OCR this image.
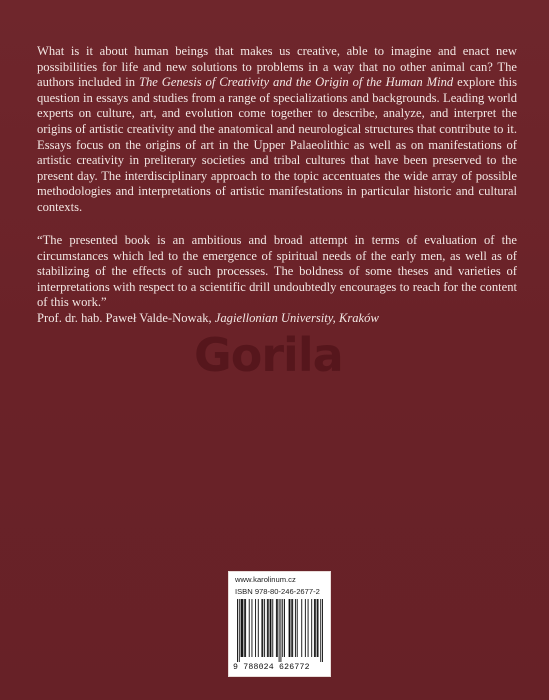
What is it about human beings that makes us creative, able to imagine and enact new possibilities for life and new solutions to problems in a way that no other animal can? The authors included in The Genesis of Creativity and the Origin of the Human Mind explore this question in essays and studies from a range of specializations and backgrounds. Leading world experts on culture, art, and evolution come together to describe, analyze, and interpret the origins of artistic creativity and the anatomical and neurological structures that contribute to it. Essays focus on the origins of art in the Upper Palaeolithic as well as on manifestations of artistic creativity in preliterary societies and tribal cultures that have been preserved to the present day. The interdisciplinary approach to the topic accentuates the wide array of possible methodologies and interpretations of artistic manifestations in particular historic and cultural contexts.

“The presented book is an ambitious and broad attempt in terms of evaluation of the circumstances which led to the emergence of spiritual needs of the early men, as well as of stabilizing of the effects of such processes. The boldness of some theses and varieties of interpretations with respect to a scientific drill undoubtedly encourages to reach for the content of this work.”

Prof. dr. hab. Paweł Valde-Nowak, Jagiellonian University, Kraków

Gorila

www.karolinum.cz

ISBN 978-80-246-2677-2

9 788024 626772
